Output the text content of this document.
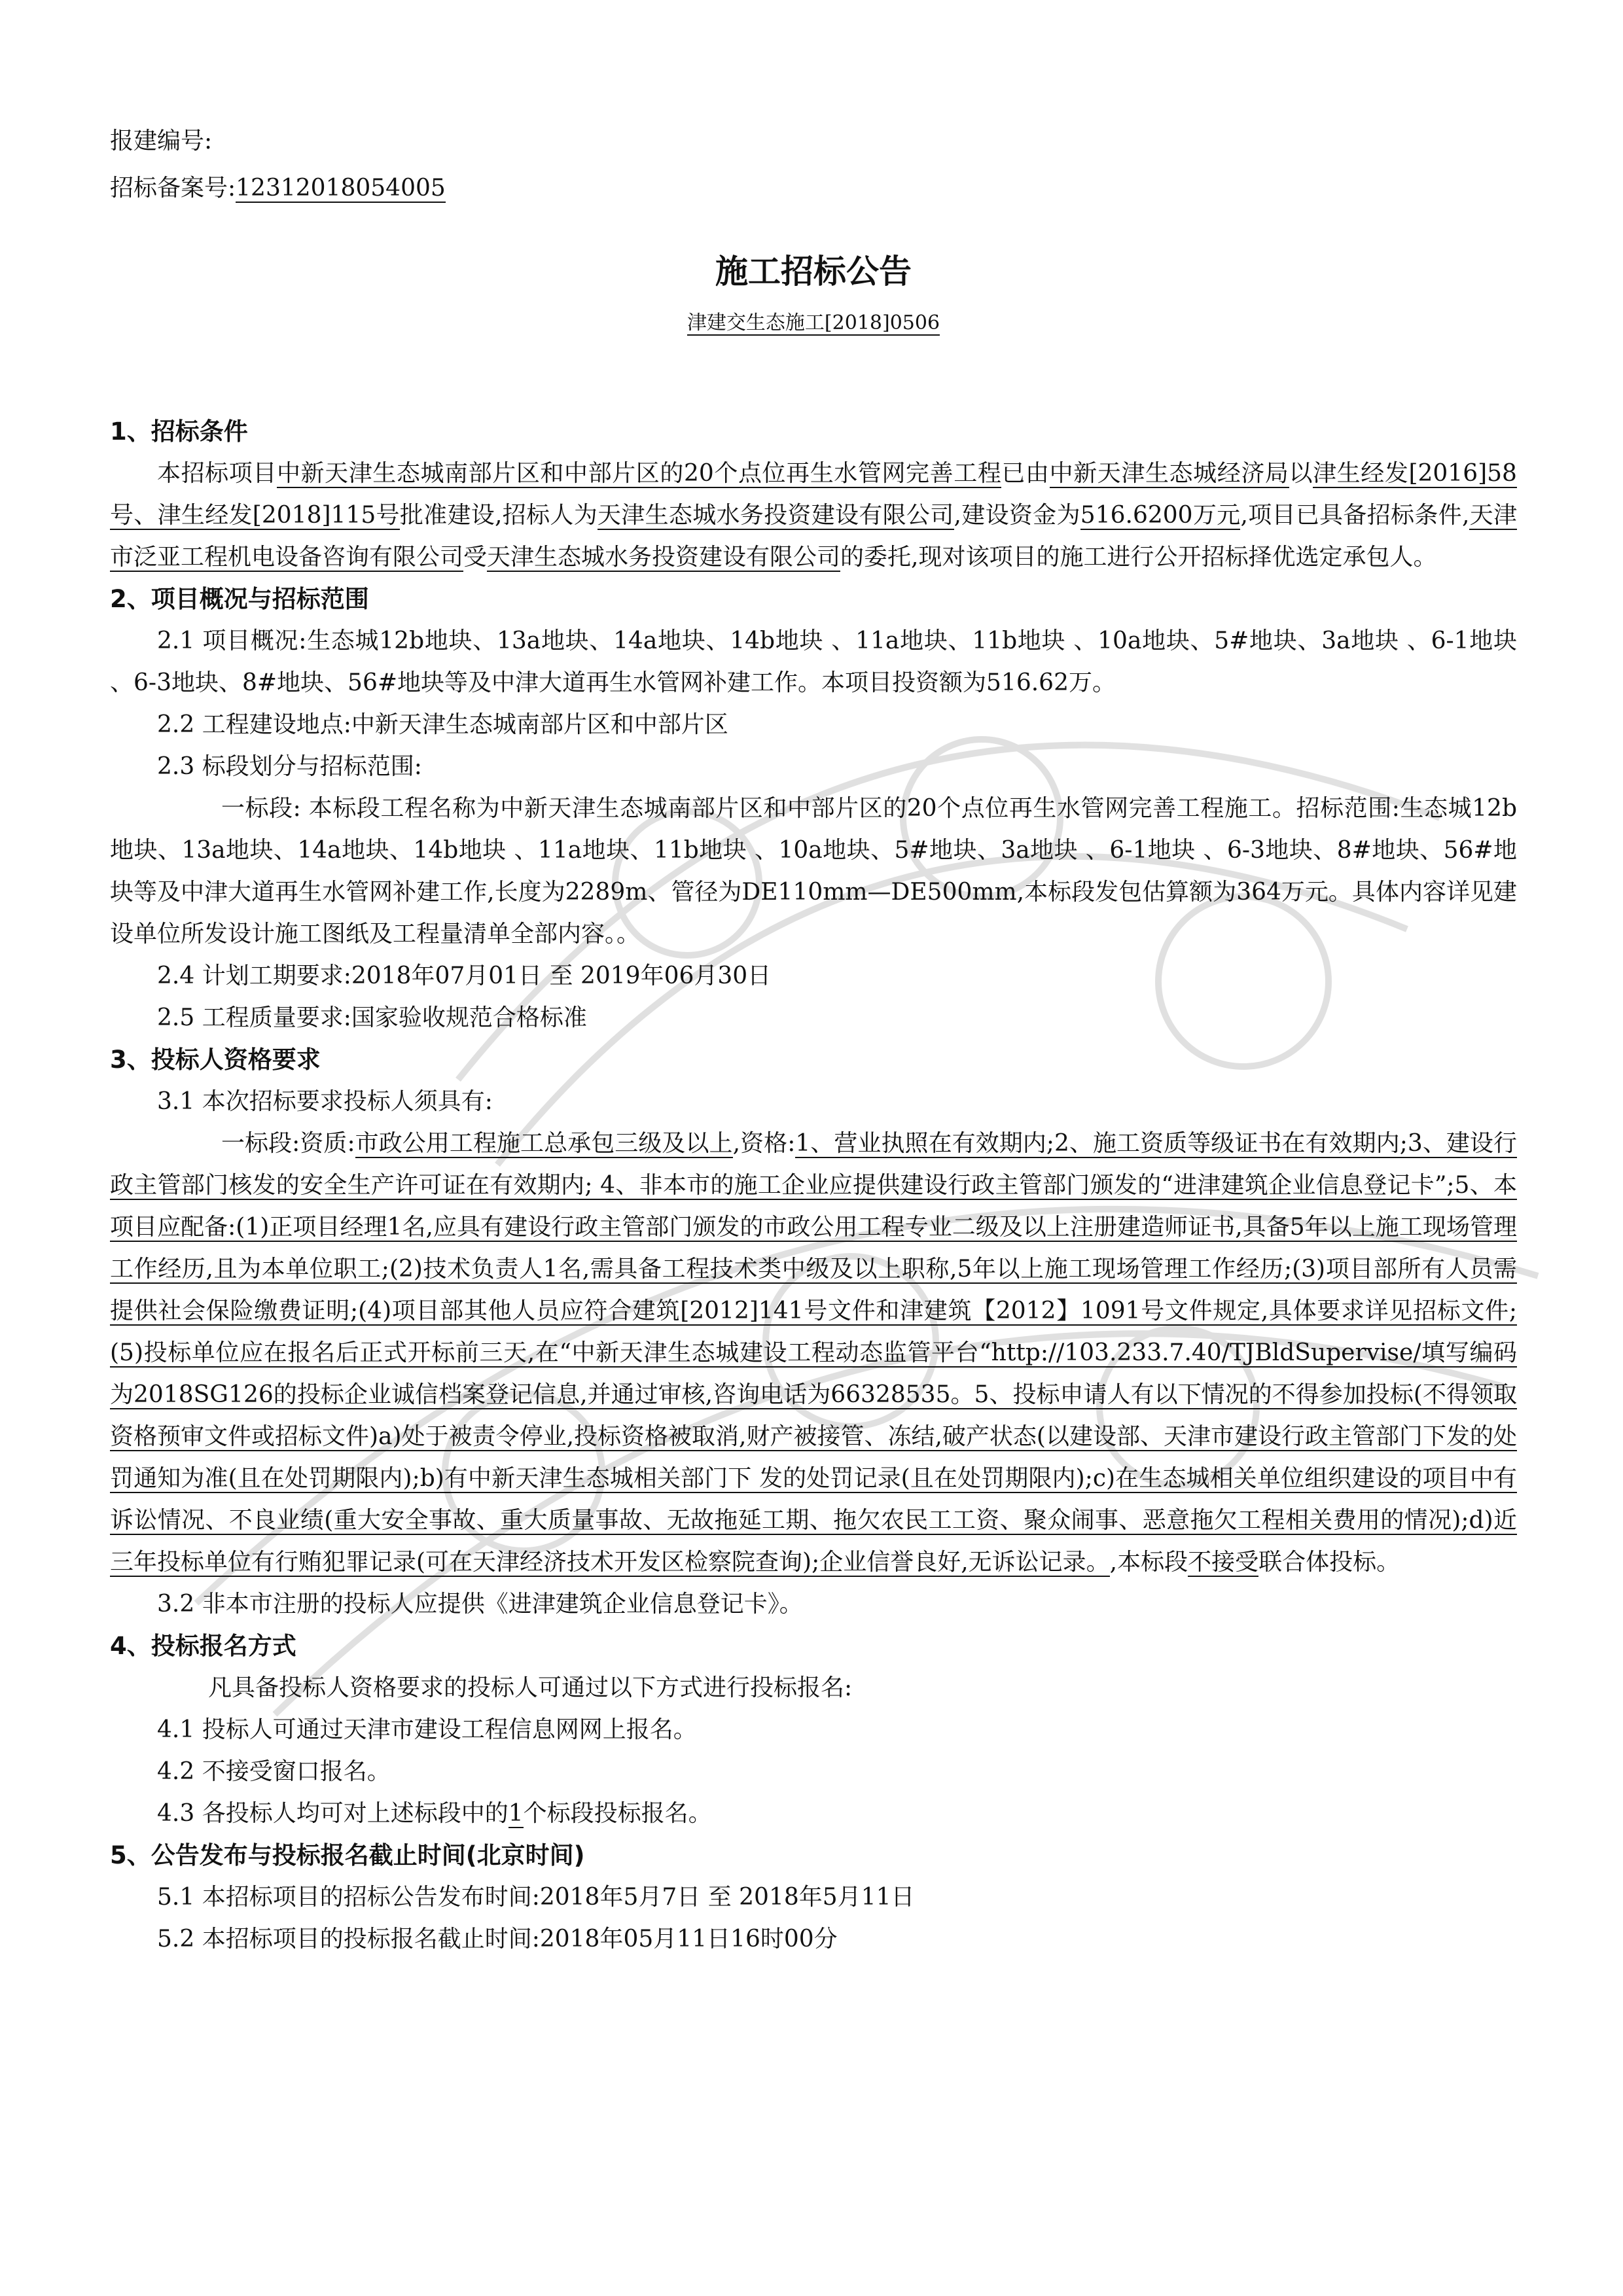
报建编号:
招标备案号:12312018054005
施工招标公告
津建交生态施工[2018]0506
1、招标条件
本招标项目中新天津生态城南部片区和中部片区的20个点位再生水管网完善工程已由中新天津生态城经济局以津生经发[2016]58号、津生经发[2018]115号批准建设,招标人为天津生态城水务投资建设有限公司,建设资金为516.6200万元,项目已具备招标条件,天津市泛亚工程机电设备咨询有限公司受天津生态城水务投资建设有限公司的委托,现对该项目的施工进行公开招标择优选定承包人。
2、项目概况与招标范围
2.1 项目概况:生态城12b地块、13a地块、14a地块、14b地块 、11a地块、11b地块 、10a地块、5#地块、3a地块 、6-1地块 、6-3地块、8#地块、56#地块等及中津大道再生水管网补建工作。本项目投资额为516.62万。
2.2 工程建设地点:中新天津生态城南部片区和中部片区
2.3 标段划分与招标范围:
一标段: 本标段工程名称为中新天津生态城南部片区和中部片区的20个点位再生水管网完善工程施工。招标范围:生态城12b地块、13a地块、14a地块、14b地块 、11a地块、11b地块 、10a地块、5#地块、3a地块 、6-1地块 、6-3地块、8#地块、56#地块等及中津大道再生水管网补建工作,长度为2289m、管径为DE110mm—DE500mm,本标段发包估算额为364万元。具体内容详见建设单位所发设计施工图纸及工程量清单全部内容。。
2.4 计划工期要求:2018年07月01日 至 2019年06月30日
2.5 工程质量要求:国家验收规范合格标准
3、投标人资格要求
3.1 本次招标要求投标人须具有:
一标段:资质:市政公用工程施工总承包三级及以上,资格:1、营业执照在有效期内;2、施工资质等级证书在有效期内;3、建设行政主管部门核发的安全生产许可证在有效期内; 4、非本市的施工企业应提供建设行政主管部门颁发的“进津建筑企业信息登记卡”;5、本项目应配备:(1)正项目经理1名,应具有建设行政主管部门颁发的市政公用工程专业二级及以上注册建造师证书,具备5年以上施工现场管理工作经历,且为本单位职工;(2)技术负责人1名,需具备工程技术类中级及以上职称,5年以上施工现场管理工作经历;(3)项目部所有人员需提供社会保险缴费证明;(4)项目部其他人员应符合建筑[2012]141号文件和津建筑【2012】1091号文件规定,具体要求详见招标文件;(5)投标单位应在报名后正式开标前三天,在“中新天津生态城建设工程动态监管平台“http://103.233.7.40/TJBldSupervise/填写编码为2018SG126的投标企业诚信档案登记信息,并通过审核,咨询电话为66328535。5、投标申请人有以下情况的不得参加投标(不得领取资格预审文件或招标文件)a)处于被责令停业,投标资格被取消,财产被接管、冻结,破产状态(以建设部、天津市建设行政主管部门下发的处罚通知为准(且在处罚期限内);b)有中新天津生态城相关部门下 发的处罚记录(且在处罚期限内);c)在生态城相关单位组织建设的项目中有诉讼情况、不良业绩(重大安全事故、重大质量事故、无故拖延工期、拖欠农民工工资、聚众闹事、恶意拖欠工程相关费用的情况);d)近三年投标单位有行贿犯罪记录(可在天津经济技术开发区检察院查询);企业信誉良好,无诉讼记录。,本标段不接受联合体投标。
3.2 非本市注册的投标人应提供《进津建筑企业信息登记卡》。
4、投标报名方式
凡具备投标人资格要求的投标人可通过以下方式进行投标报名:
4.1 投标人可通过天津市建设工程信息网网上报名。
4.2 不接受窗口报名。
4.3 各投标人均可对上述标段中的1个标段投标报名。
5、公告发布与投标报名截止时间(北京时间)
5.1 本招标项目的招标公告发布时间:2018年5月7日 至 2018年5月11日
5.2 本招标项目的投标报名截止时间:2018年05月11日16时00分
